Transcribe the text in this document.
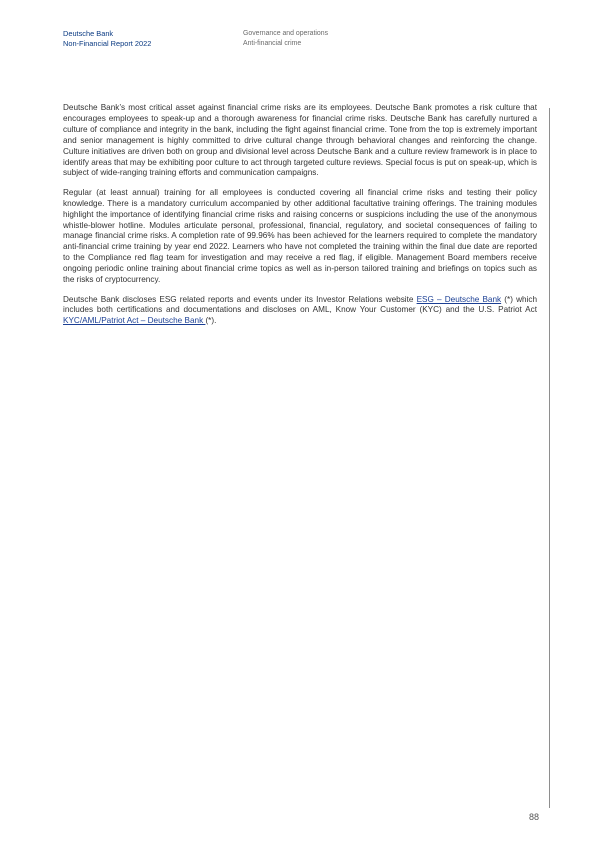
Deutsche Bank
Non-Financial Report 2022
Governance and operations
Anti-financial crime

Deutsche Bank’s most critical asset against financial crime risks are its employees. Deutsche Bank promotes a risk culture that encourages employees to speak-up and a thorough awareness for financial crime risks. Deutsche Bank has carefully nurtured a culture of compliance and integrity in the bank, including the fight against financial crime. Tone from the top is extremely important and senior management is highly committed to drive cultural change through behavioral changes and reinforcing the change. Culture initiatives are driven both on group and divisional level across Deutsche Bank and a culture review framework is in place to identify areas that may be exhibiting poor culture to act through targeted culture reviews. Special focus is put on speak-up, which is subject of wide-ranging training efforts and communication campaigns.

Regular (at least annual) training for all employees is conducted covering all financial crime risks and testing their policy knowledge. There is a mandatory curriculum accompanied by other additional facultative training offerings. The training modules highlight the importance of identifying financial crime risks and raising concerns or suspicions including the use of the anonymous whistle-blower hotline. Modules articulate personal, professional, financial, regulatory, and societal consequences of failing to manage financial crime risks. A completion rate of 99.96% has been achieved for the learners required to complete the mandatory anti-financial crime training by year end 2022. Learners who have not completed the training within the final due date are reported to the Compliance red flag team for investigation and may receive a red flag, if eligible. Management Board members receive ongoing periodic online training about financial crime topics as well as in-person tailored training and briefings on topics such as the risks of cryptocurrency.

Deutsche Bank discloses ESG related reports and events under its Investor Relations website ESG – Deutsche Bank (*) which includes both certifications and documentations and discloses on AML, Know Your Customer (KYC) and the U.S. Patriot Act KYC/AML/Patriot Act – Deutsche Bank (*).

88
